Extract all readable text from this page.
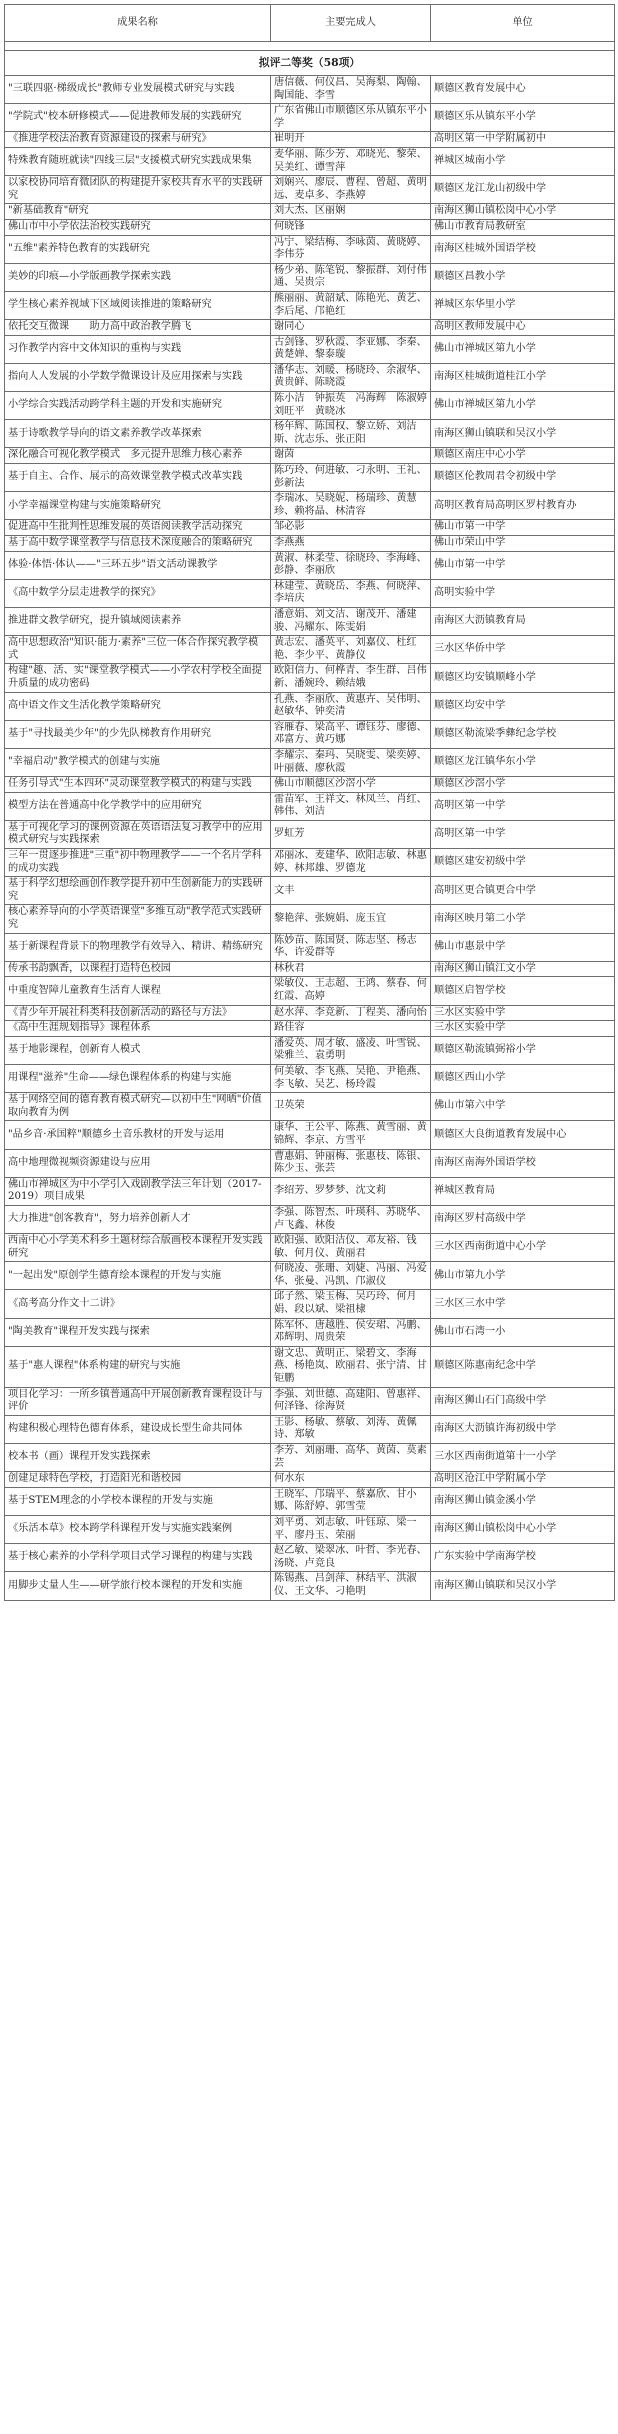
成果名称	主要完成人	单位

拟评二等奖（58项）		
"三联四驱·梯级成长"教师专业发展模式研究与实践	唐信薇、何仪昌、吴海梨、陶翰、陶国能、李雪	顺德区教育发展中心
"学院式"校本研修模式——促进教师发展的实践研究	广东省佛山市顺德区乐从镇东平小学	顺德区乐从镇东平小学
《推进学校法治教育资源建设的探索与研究》	崔明开	高明区第一中学附属初中
特殊教育随班就读"四线三层"支援模式研究实践成果集	麦华丽、陈少芳、邓晓光、黎荣、吴美红、谭雪萍	禅城区城南小学
以家校协同培育微团队的构建提升家校共育水平的实践研究	刘娴兴、廖辰、曹程、曾超、黄明远、麦卓多、李燕婷	顺德区龙江龙山初级中学
"新基础教育"研究	刘大杰、区丽娴	南海区狮山镇松岗中心小学
佛山市中小学依法治校实践研究	何晓锋	佛山市教育局教研室
"五维"素养特色教育的实践研究	冯宁、梁结梅、李咏茵、黄晓婷、李伟芬	南海区桂城外国语学校
美妙的印痕—小学版画教学探索实践	杨少弟、陈笔锐、黎振群、刘付伟通、吴贵宗	顺德区昌教小学
学生核心素养视域下区域阅读推进的策略研究	熊丽丽、黄韶斌、陈艳光、黄艺、李后尾、邝艳红	禅城区东华里小学
依托交互微课　　助力高中政治教学腾飞	谢同心	高明区教师发展中心
习作教学内容中文体知识的重构与实践	古剑锋、罗秋霞、李亚娜、李秦、黄楚婵、黎泰璇	佛山市禅城区第九小学
指向人人发展的小学数学微课设计及应用探索与实践	潘华志、刘暖、杨晓玲、余淑华、黄贵鲜、陈晓霞	南海区桂城街道桂江小学
小学综合实践活动跨学科主题的开发和实施研究	陈小洁　钟振英　冯海辉　陈淑婷　刘旺平　黄晓冰	佛山市禅城区第九小学
基于诗歌教学导向的语文素养教学改革探索	杨年辉、陈国权、黎立娇、刘洁斯、沈志乐、张正阳	南海区狮山镇联和吴汉小学
深化融合可视化教学模式　多元提升思维力核心素养	谢茵	顺德区南庄中心小学
基于自主、合作、展示的高效课堂教学模式改革实践	陈巧玲、何进敏、刁永明、王礼、彭新法	顺德区伦教周君令初级中学
小学幸福课堂构建与实施策略研究	李瑞冰、吴晓妮、杨瑞珍、黄慧珍、赖将晶、林清容	高明区教育局高明区罗村教育办
促进高中生批判性思维发展的英语阅读教学活动探究	邹必影	佛山市第一中学
基于高中数学课堂教学与信息技术深度融合的策略研究	李燕燕	佛山市荣山中学
体验·体悟·体认——"三环五步"语文活动课教学	黄淑、林柔莹、徐晓玲、李海峰、彭静、李丽欣	佛山市第一中学
《高中数学分层走进教学的探究》	林建莹、黄晓岳、李燕、何晓萍、李培庆	高明实验中学
推进群文教学研究，提升镇域阅读素养	潘意娟、刘文洁、谢茂开、潘建骏、冯耀东、陈雯娟	南海区大沥镇教育局
高中思想政治"知识·能力·素养"三位一体合作探究教学模式	黄志宏、潘英平、刘嘉仪、杜红艳、李少平、黄静仪	三水区华侨中学
构建"趣、活、实"课堂教学模式——小学农村学校全面提升质量的成功密码	欧阳信力、何桦青、李生群、吕伟新、潘婉玲、赖结娥	顺德区均安镇顺峰小学
高中语文作文生活化教学策略研究	孔燕、李丽欣、黄惠卉、吴伟明、赵敏华、钟奕清	顺德区均安中学
基于"寻找最美少年"的少先队梯教育作用研究	容雁春、梁高平、谭钰芬、廖德、邓富方、黄巧娜	顺德区勒流梁季彝纪念学校
"幸福启动"教学模式的创建与实施	李耀宗、秦玛、吴晓雯、梁奕婷、叶丽薇、廖秋霞	顺德区龙江镇华东小学
任务引导式"生本四环"灵动课堂教学模式的构建与实践	佛山市顺德区沙滘小学	顺德区沙滘小学
模型方法在普通高中化学教学中的应用研究	雷苗军、王祥文、林凤兰、肖红、韩伟、刘洁	高明区第一中学
基于可视化学习的课例资源在英语语法复习教学中的应用模式研究与实践探索	罗虹芳	高明区第一中学
三年一贯逐步推进"三重"初中物理教学——一个名片学科的成功实践	邓丽冰、麦建华、欧阳志敏、林惠婷、林邦雄、罗德龙	顺德区建安初级中学
基于科学幻想绘画创作教学提升初中生创新能力的实践研究	文丰	高明区更合镇更合中学
核心素养导向的小学英语课堂"多维互动"教学范式实践研究	黎艳萍、张婉娟、庞玉宜	南海区映月第二小学
基于新课程背景下的物理教学有效导入、精讲、精练研究	陈妙苗、陈国贤、陈志坚、杨志华、许爱群等	佛山市惠景中学
传承书韵飘香，以课程打造特色校园	林秋君	南海区狮山镇江文小学
中重度智障儿童教育生活育人课程	梁敏仪、王志超、王鸿、蔡春、何红霞、高婷	顺德区启智学校
《青少年开展社科类科技创新活动的路径与方法》	赵水萍、李竞新、丁程美、潘向怡	三水区实验中学
《高中生涯规划指导》课程体系	路佳容	三水区实验中学
基于地影课程，创新育人模式	潘爱英、周才敏、盛凌、叶雪锐、梁雅兰、袁勇明	顺德区勒流镇弼裕小学
用课程"滋养"生命——绿色课程体系的构建与实施	何美敏、李飞燕、吴艳、尹艳燕、李飞敏、吴艺、杨玲霞	顺德区西山小学
基于网络空间的德育教育模式研究—以初中生"网晒"价值取向教育为例	卫英荣	佛山市第六中学
"品乡音·承国粹"顺德乡土音乐教材的开发与运用	康华、王公平、陈燕、黄雪丽、黄锦辉、李京、方雪平	顺德区大良街道教育发展中心
高中地理微视频资源建设与应用	曹惠娟、钟丽梅、张惠枝、陈银、陈少玉、张芸	南海区南海外国语学校
佛山市禅城区为中小学引入戏剧教学法三年计划（2017-2019）项目成果	李绍芳、罗梦梦、沈文莉	禅城区教育局
大力推进"创客教育"，努力培养创新人才	李强、陈智杰、叶瑛科、苏晓华、卢飞鑫、林俊	南海区罗村高级中学
西南中心小学美术科乡土题材综合版画校本课程开发实践研究	欧阳强、欧阳洁仪、邓友裕、钱敏、何月仪、黄丽君	三水区西南街道中心小学
"一起出发"原创学生德育绘本课程的开发与实施	何晓凌、张珊、刘婕、冯丽、冯爱华、张曼、冯凯、邝淑仪	佛山市第九小学
《高考高分作文十二讲》	邱子然、梁玉梅、吴巧玲、何月娟、段以斌、梁祖棣	三水区三水中学
"陶美教育"课程开发实践与探索	陈军怀、唐越胜、侯安珺、冯鹏、邓辉明、周贵荣	佛山市石湾一小
基于"惠人课程"体系构建的研究与实施	谢文忠、黄明正、梁碧文、李海燕、杨艳岚、欧丽君、张宁清、甘钜鹏	顺德区陈惠南纪念中学
项目化学习：一所乡镇普通高中开展创新教育课程设计与评价	李强、刘世德、高建阳、曾惠祥、何泽锋、徐海贤	南海区狮山石门高级中学
构建积极心理特色德育体系，建设成长型生命共同体	王影、杨敏、蔡敏、刘涛、黄佩诗、郑敏	南海区大沥镇许海初级中学
校本书（画）课程开发实践探索	李芳、刘丽珊、高华、黄茵、莫素芸	三水区西南街道第十一小学
创建足球特色学校，打造阳光和谐校园	何水东	高明区沧江中学附属小学
基于STEM理念的小学校本课程的开发与实施	王晓军、邝瑞平、蔡嘉欣、甘小娜、陈舒婷、郭雪莹	南海区狮山镇金溪小学
《乐活本草》校本跨学科课程开发与实施实践案例	刘平勇、刘志敏、叶钰琼、梁一平、廖丹玉、荣丽	南海区狮山镇松岗中心小学
基于核心素养的小学科学项目式学习课程的构建与实践	赵乙敏、梁翠冰、叶哲、李光春、汤晓、卢竞良	广东实验中学南海学校
用脚步丈量人生——研学旅行校本课程的开发和实施	陈锡燕、吕剑萍、林结平、洪淑仪、王文华、刁艳明	南海区狮山镇联和吴汉小学
